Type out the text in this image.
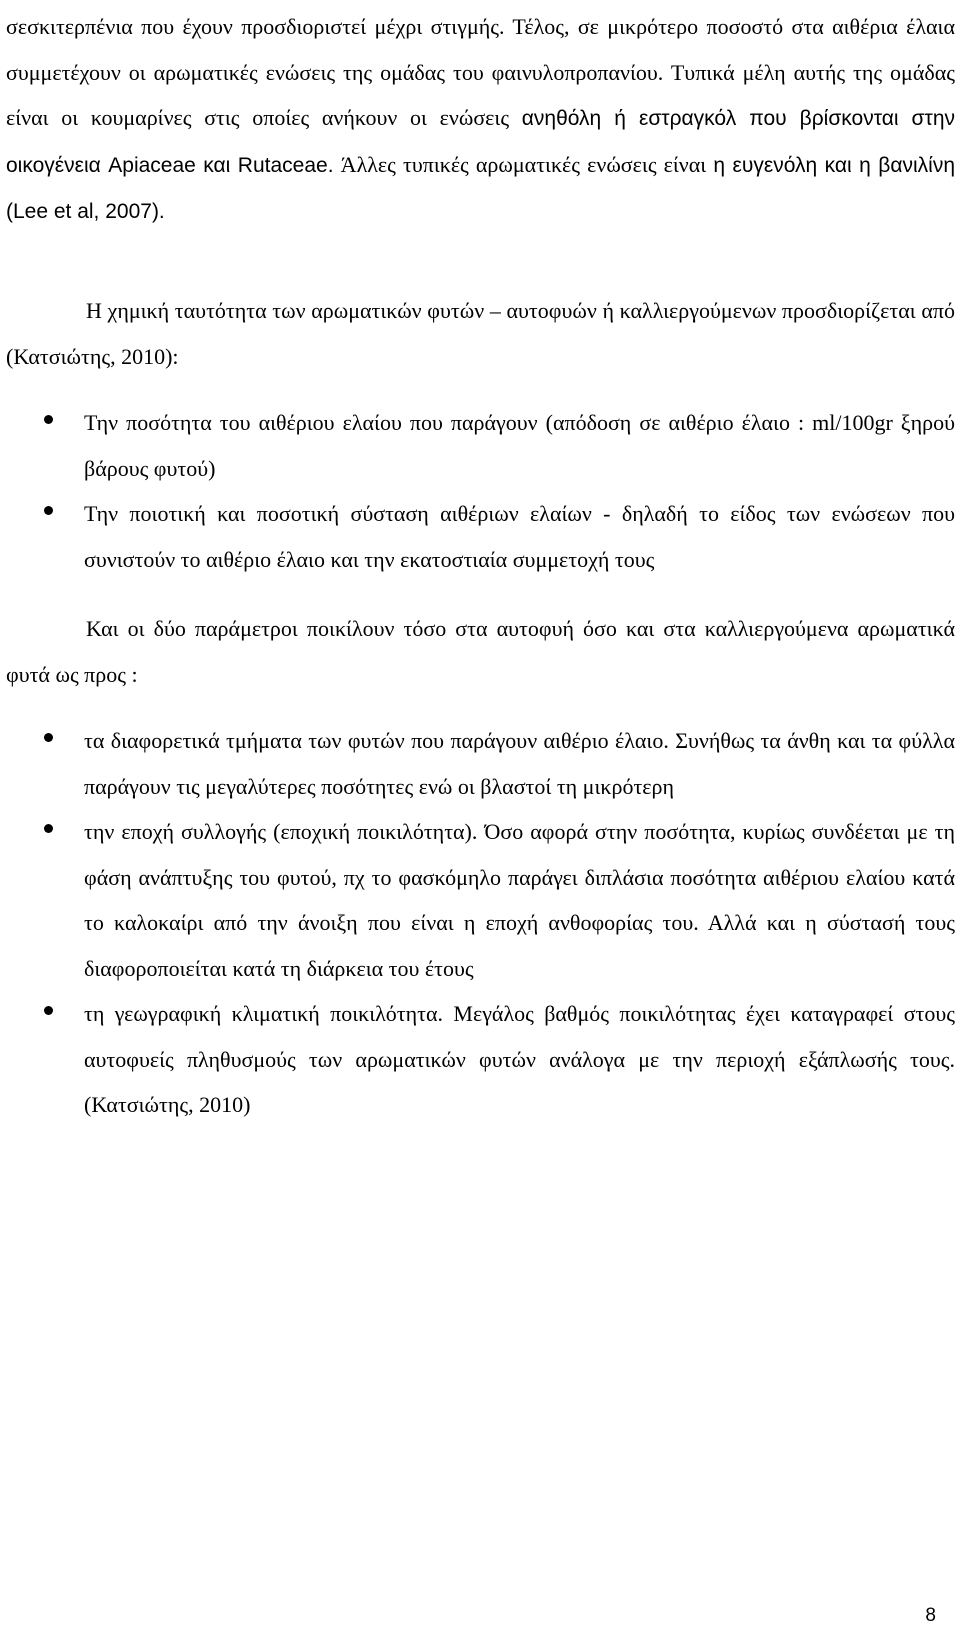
σεσκιτερπένια που έχουν προσδιοριστεί μέχρι στιγμής. Τέλος, σε μικρότερο ποσοστό στα αιθέρια έλαια συμμετέχουν οι αρωματικές ενώσεις της ομάδας του φαινυλοπροπανίου. Τυπικά μέλη αυτής της ομάδας είναι οι κουμαρίνες στις οποίες ανήκουν οι ενώσεις ανηθόλη ή εστραγκόλ που βρίσκονται στην οικογένεια Apiaceae και Rutaceae. Άλλες τυπικές αρωματικές ενώσεις είναι η ευγενόλη και η βανιλίνη (Lee et al, 2007).

Η χημική ταυτότητα των αρωματικών φυτών – αυτοφυών ή καλλιεργούμενων προσδιορίζεται από (Κατσιώτης, 2010):

Την ποσότητα του αιθέριου ελαίου που παράγουν (απόδοση σε αιθέριο έλαιο : ml/100gr ξηρού βάρους φυτού)
Την ποιοτική και ποσοτική σύσταση αιθέριων ελαίων - δηλαδή το είδος των ενώσεων που συνιστούν το αιθέριο έλαιο και την εκατοστιαία συμμετοχή τους

Και οι δύο παράμετροι ποικίλουν τόσο στα αυτοφυή όσο και στα καλλιεργούμενα αρωματικά φυτά ως προς :

τα διαφορετικά τμήματα των φυτών που παράγουν αιθέριο έλαιο. Συνήθως τα άνθη και τα φύλλα παράγουν τις μεγαλύτερες ποσότητες ενώ οι βλαστοί τη μικρότερη
την εποχή συλλογής (εποχική ποικιλότητα). Όσο αφορά στην ποσότητα, κυρίως συνδέεται με τη φάση ανάπτυξης του φυτού, πχ το φασκόμηλο παράγει διπλάσια ποσότητα αιθέριου ελαίου κατά το καλοκαίρι από την άνοιξη που είναι η εποχή ανθοφορίας του. Αλλά και η σύστασή τους διαφοροποιείται κατά τη διάρκεια του έτους
τη γεωγραφική κλιματική ποικιλότητα. Μεγάλος βαθμός ποικιλότητας έχει καταγραφεί στους αυτοφυείς πληθυσμούς των αρωματικών φυτών ανάλογα με την περιοχή εξάπλωσής τους. (Κατσιώτης, 2010)
8
